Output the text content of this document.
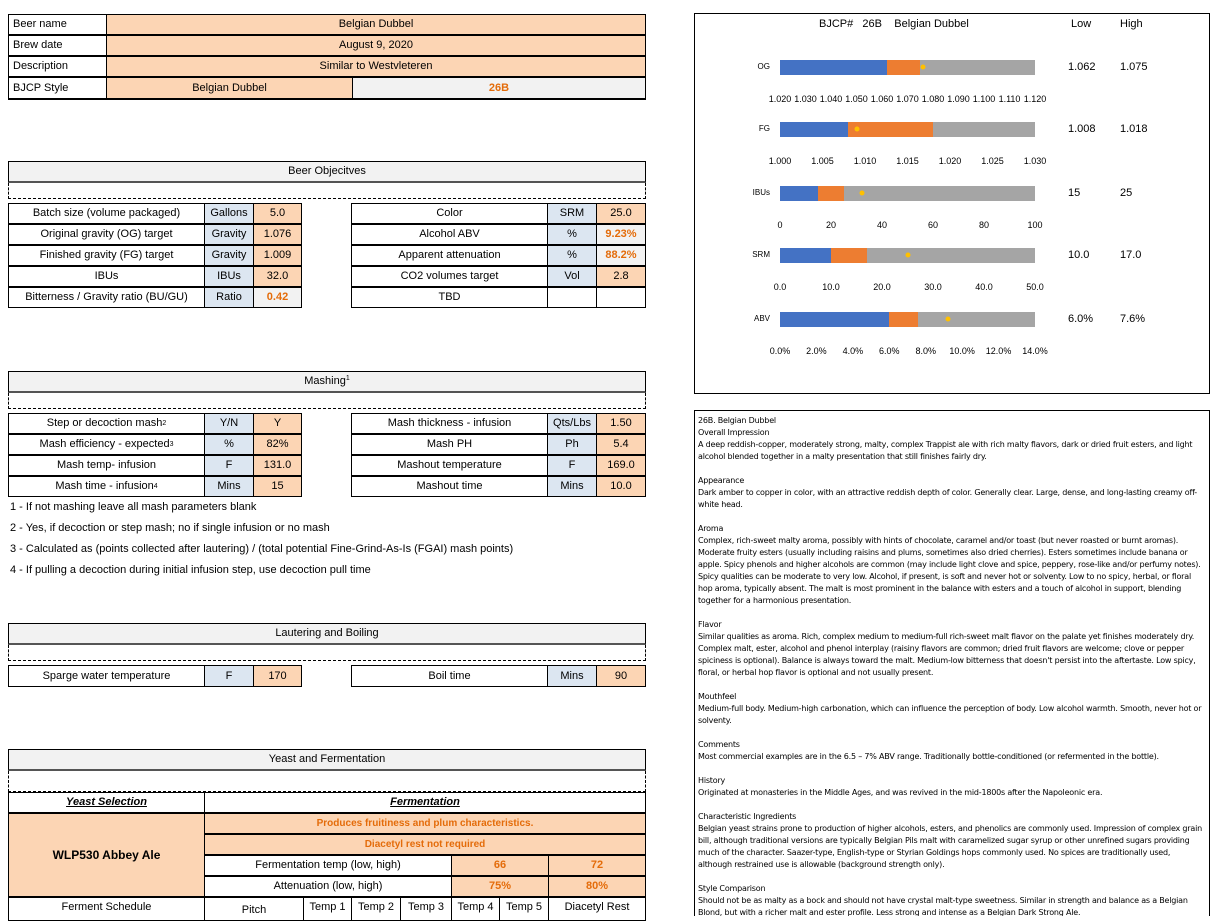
Beer name	Belgian Dubbel
Brew date	August 9, 2020
Description	Similar to Westvleteren
BJCP Style	Belgian Dubbel	26B
Beer Objecitves
Batch size (volume packaged)	Gallons	5.0
Original gravity (OG) target	Gravity	1.076
Finished gravity (FG) target	Gravity	1.009
IBUs	IBUs	32.0
Bitterness / Gravity ratio (BU/GU)	Ratio	0.42
Color	SRM	25.0
Alcohol ABV	%	9.23%
Apparent attenuation	%	88.2%
CO2 volumes target	Vol	2.8
TBD
Mashing$^1$
Step or decoction mash 2	Y/N	Y
Mash efficiency - expected 3	%	82%
Mash temp- infusion	F	131.0
Mash time - infusion 4	Mins	15
Mash thickness - infusion	Qts/Lbs	1.50
Mash PH	Ph	5.4
Mashout temperature	F	169.0
Mashout time	Mins	10.0
1 - If not mashing leave all mash parameters blank
2 - Yes, if decoction or step mash; no if single infusion or no mash
3 - Calculated as (points collected after lautering) / (total potential Fine-Grind-As-Is (FGAI) mash points)
4 - If pulling a decoction during initial infusion step, use decoction pull time
Lautering and Boiling
Sparge water temperature	F	170	Boil time	Mins	90
Yeast and Fermentation
Yeast Selection	Fermentation
WLP530 Abbey Ale
Produces fruitiness and plum characteristics.
Diacetyl rest not required
Fermentation temp (low, high)	66	72
Attenuation (low, high)	75%	80%
Ferment Schedule	Pitch	Temp 1	Temp 2	Temp 3	Temp 4	Temp 5	Diacetyl Rest
BJCP# 26B Belgian Dubbel	Low	High
OG
1.020 1.030 1.040 1.050 1.060 1.070 1.080 1.090 1.100 1.110 1.120
1.062 1.075
FG
1.000 1.005 1.010 1.015 1.020 1.025 1.030
1.008 1.018
IBUs
0	20	40	60	80	100
15	25
SRM
0.0	10.0	20.0	30.0	40.0	50.0
10.0	17.0
ABV
0.0% 2.0% 4.0% 6.0% 8.0% 10.0% 12.0% 14.0%
6.0% 7.6%
26B. Belgian Dubbel

Overall Impression
A deep reddish-copper, moderately strong, malty, complex Trappist ale with rich malty flavors, dark or dried fruit esters, and light alcohol blended together in a malty presentation that still finishes fairly dry.

Appearance
Dark amber to copper in color, with an attractive reddish depth of color. Generally clear. Large, dense, and long-lasting creamy off-white head.

Aroma
Complex, rich-sweet malty aroma, possibly with hints of chocolate, caramel and/or toast (but never roasted or burnt aromas). Moderate fruity esters (usually including raisins and plums, sometimes also dried cherries). Esters sometimes include banana or apple. Spicy phenols and higher alcohols are common (may include light clove and spice, peppery, rose-like and/or perfumy notes). Spicy qualities can be moderate to very low. Alcohol, if present, is soft and never hot or solventy. Low to no spicy, herbal, or floral hop aroma, typically absent. The malt is most prominent in the balance with esters and a touch of alcohol in support, blending together for a harmonious presentation.

Flavor
Similar qualities as aroma. Rich, complex medium to medium-full rich-sweet malt flavor on the palate yet finishes moderately dry. Complex malt, ester, alcohol and phenol interplay (raisiny flavors are common; dried fruit flavors are welcome; clove or pepper spiciness is optional). Balance is always toward the malt. Medium-low bitterness that doesn't persist into the aftertaste. Low spicy, floral, or herbal hop flavor is optional and not usually present.

Mouthfeel
Medium-full body. Medium-high carbonation, which can influence the perception of body. Low alcohol warmth. Smooth, never hot or solventy.

Comments
Most commercial examples are in the 6.5 – 7% ABV range. Traditionally bottle-conditioned (or refermented in the bottle).

History
Originated at monasteries in the Middle Ages, and was revived in the mid-1800s after the Napoleonic era.

Characteristic Ingredients
Belgian yeast strains prone to production of higher alcohols, esters, and phenolics are commonly used. Impression of complex grain bill, although traditional versions are typically Belgian Pils malt with caramelized sugar syrup or other unrefined sugars providing much of the character. Saazer-type, English-type or Styrian Goldings hops commonly used. No spices are traditionally used, although restrained use is allowable (background strength only).

Style Comparison
Should not be as malty as a bock and should not have crystal malt-type sweetness. Similar in strength and balance as a Belgian Blond, but with a richer malt and ester profile. Less strong and intense as a Belgian Dark Strong Ale.
